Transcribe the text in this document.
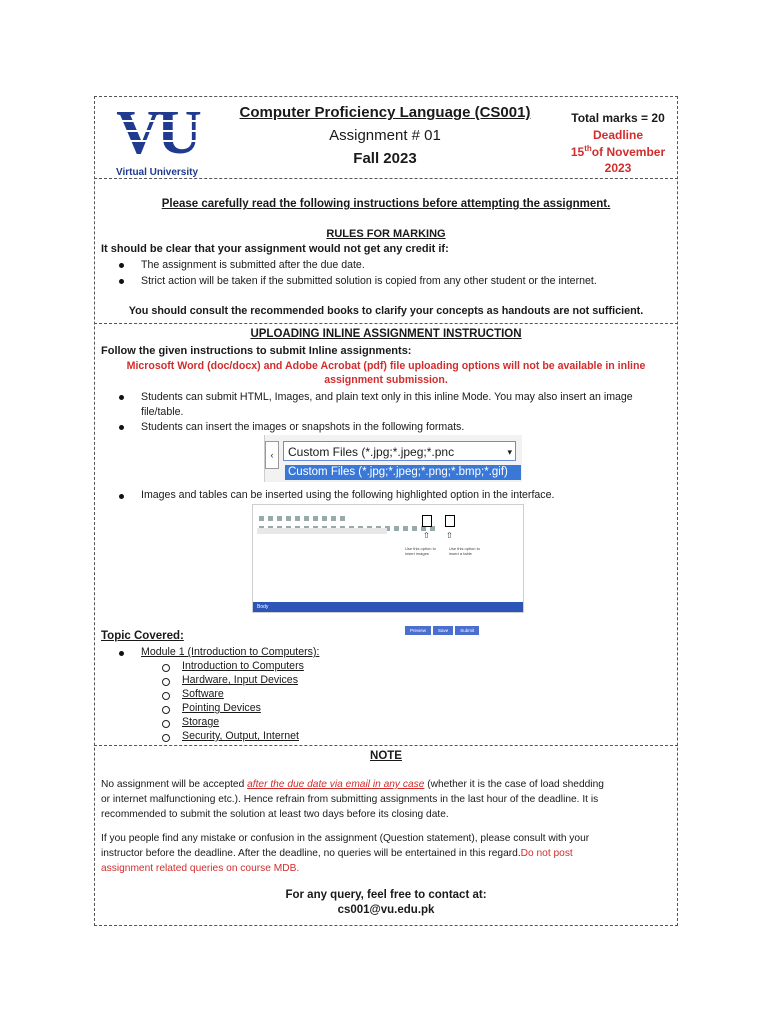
VU
Virtual University
Computer Proficiency Language (CS001)
Assignment # 01
Fall 2023
Total marks = 20
Deadline
15thof November
2023
Please carefully read the following instructions before attempting the assignment.
RULES FOR MARKING
It should be clear that your assignment would not get any credit if:
The assignment is submitted after the due date.
Strict action will be taken if the submitted solution is copied from any other student or the internet.
You should consult the recommended books to clarify your concepts as handouts are not sufficient.
UPLOADING INLINE ASSIGNMENT INSTRUCTION
Follow the given instructions to submit Inline assignments:
Microsoft Word (doc/docx) and Adobe Acrobat (pdf) file uploading options will not be available in inline
assignment submission.
Students can submit HTML, Images, and plain text only in this inline Mode. You may also insert an image
file/table.
Students can insert the images or snapshots in the following formats.
‹	Custom Files (*.jpg;*.jpeg;*.pnc	▾
Custom Files (*.jpg;*.jpeg;*.png;*.bmp;*.gif)
Images and tables can be inserted using the following highlighted option in the interface.
⇧ ⇧
Use this option to insert images
Use this option to insert a table
Body
Preview	Save	Submit
Topic Covered:
Module 1 (Introduction to Computers):
Introduction to Computers
Hardware, Input Devices
Software
Pointing Devices
Storage
Security, Output, Internet
NOTE
No assignment will be accepted after the due date via email in any case (whether it is the case of load shedding
or internet malfunctioning etc.). Hence refrain from submitting assignments in the last hour of the deadline. It is
recommended to submit the solution at least two days before its closing date.
If you people find any mistake or confusion in the assignment (Question statement), please consult with your
instructor before the deadline. After the deadline, no queries will be entertained in this regard.Do not post
assignment related queries on course MDB.
For any query, feel free to contact at:
cs001@vu.edu.pk
